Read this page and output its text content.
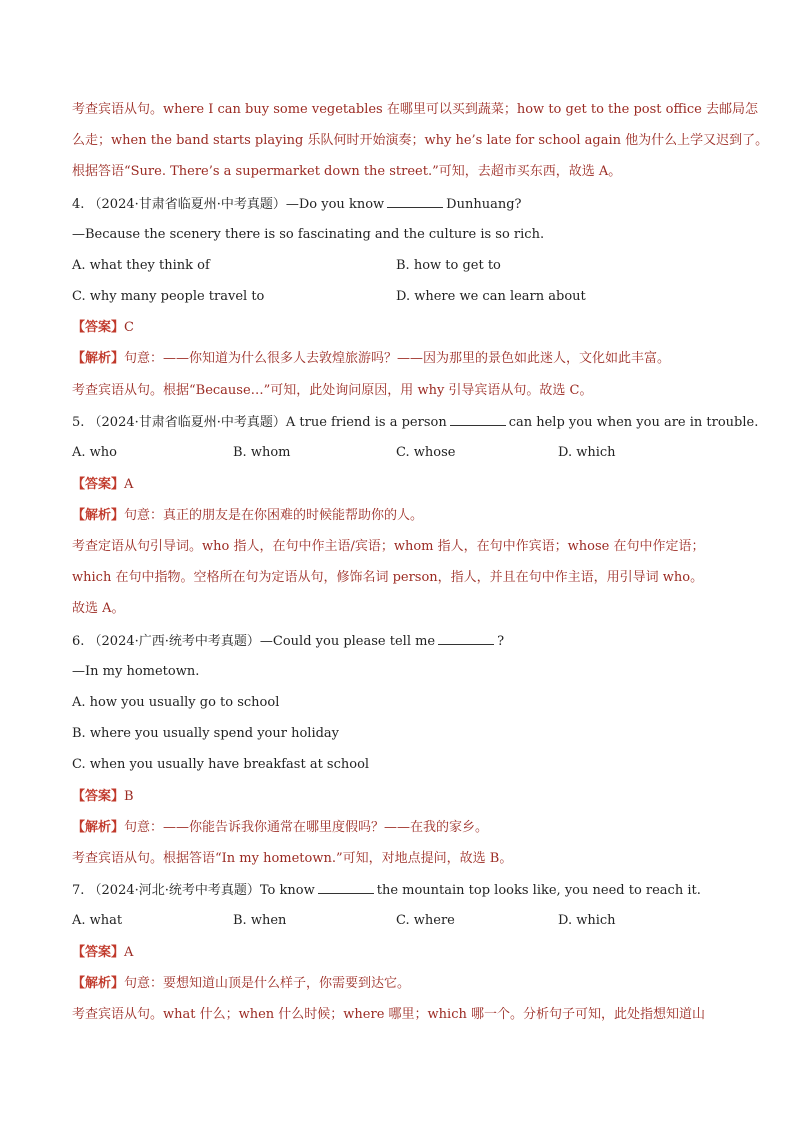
考查宾语从句。where I can buy some vegetables 在哪里可以买到蔬菜；how to get to the post office 去邮局怎
么走；when the band starts playing 乐队何时开始演奏；why he’s late for school again 他为什么上学又迟到了。
根据答语“Sure. There’s a supermarket down the street.”可知，去超市买东西，故选 A。
4. （2024·甘肃省临夏州·中考真题）—Do you know	Dunhuang?
—Because the scenery there is so fascinating and the culture is so rich.
A. what they think of	B. how to get to
C. why many people travel to	D. where we can learn about
【答案】C
【解析】句意：——你知道为什么很多人去敦煌旅游吗？——因为那里的景色如此迷人，文化如此丰富。
考查宾语从句。根据“Because…”可知，此处询问原因，用 why 引导宾语从句。故选 C。
5. （2024·甘肃省临夏州·中考真题）A true friend is a person	can help you when you are in trouble.
A. who	B. whom	C. whose	D. which
【答案】A
【解析】句意：真正的朋友是在你困难的时候能帮助你的人。
考查定语从句引导词。who 指人，在句中作主语/宾语；whom 指人，在句中作宾语；whose 在句中作定语；
which 在句中指物。空格所在句为定语从句，修饰名词 person，指人，并且在句中作主语，用引导词 who。
故选 A。
6. （2024·广西·统考中考真题）—Could you please tell me	?
—In my hometown.
A. how you usually go to school
B. where you usually spend your holiday
C. when you usually have breakfast at school
【答案】B
【解析】句意：——你能告诉我你通常在哪里度假吗？——在我的家乡。
考查宾语从句。根据答语“In my hometown.”可知，对地点提问，故选 B。
7. （2024·河北·统考中考真题）To know	the mountain top looks like, you need to reach it.
A. what	B. when	C. where	D. which
【答案】A
【解析】句意：要想知道山顶是什么样子，你需要到达它。
考查宾语从句。what 什么；when 什么时候；where 哪里；which 哪一个。分析句子可知，此处指想知道山
